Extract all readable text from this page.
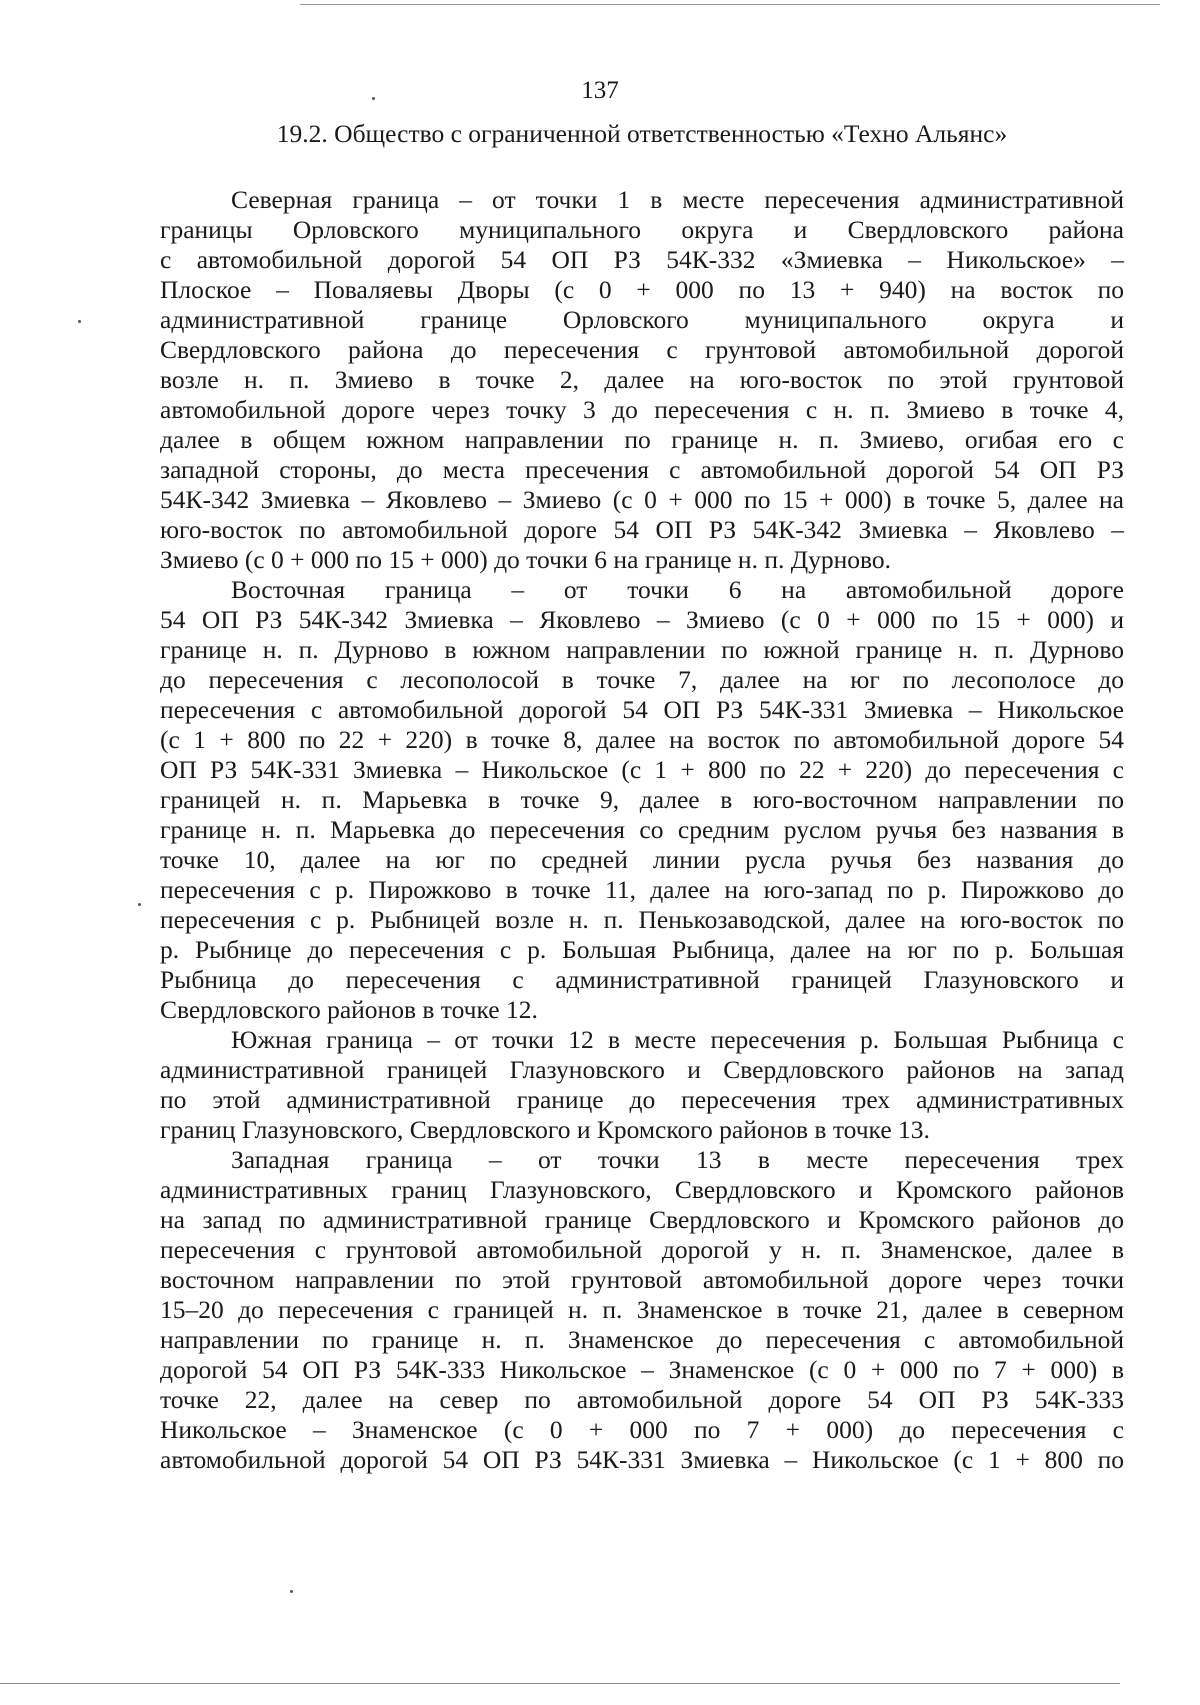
137
19.2. Общество с ограниченной ответственностью «Техно Альянс»
Северная граница – от точки 1 в месте пересечения административной
границы Орловского муниципального округа и Свердловского района
с автомобильной дорогой 54 ОП РЗ 54К-332 «Змиевка – Никольское» –
Плоское – Поваляевы Дворы (с 0 + 000 по 13 + 940) на восток по
административной границе Орловского муниципального округа и
Свердловского района до пересечения с грунтовой автомобильной дорогой
возле н. п. Змиево в точке 2, далее на юго-восток по этой грунтовой
автомобильной дороге через точку 3 до пересечения с н. п. Змиево в точке 4,
далее в общем южном направлении по границе н. п. Змиево, огибая его с
западной стороны, до места пресечения с автомобильной дорогой 54 ОП РЗ
54К-342 Змиевка – Яковлево – Змиево (с 0 + 000 по 15 + 000) в точке 5, далее на
юго-восток по автомобильной дороге 54 ОП РЗ 54К-342 Змиевка – Яковлево –
Змиево (с 0 + 000 по 15 + 000) до точки 6 на границе н. п. Дурново.
Восточная граница – от точки 6 на автомобильной дороге
54 ОП РЗ 54К-342 Змиевка – Яковлево – Змиево (с 0 + 000 по 15 + 000) и
границе н. п. Дурново в южном направлении по южной границе н. п. Дурново
до пересечения с лесополосой в точке 7, далее на юг по лесополосе до
пересечения с автомобильной дорогой 54 ОП РЗ 54К-331 Змиевка – Никольское
(с 1 + 800 по 22 + 220) в точке 8, далее на восток по автомобильной дороге 54
ОП РЗ 54К-331 Змиевка – Никольское (с 1 + 800 по 22 + 220) до пересечения с
границей н. п. Марьевка в точке 9, далее в юго-восточном направлении по
границе н. п. Марьевка до пересечения со средним руслом ручья без названия в
точке 10, далее на юг по средней линии русла ручья без названия до
пересечения с р. Пирожково в точке 11, далее на юго-запад по р. Пирожково до
пересечения с р. Рыбницей возле н. п. Пенькозаводской, далее на юго-восток по
р. Рыбнице до пересечения с р. Большая Рыбница, далее на юг по р. Большая
Рыбница до пересечения с административной границей Глазуновского и
Свердловского районов в точке 12.
Южная граница – от точки 12 в месте пересечения р. Большая Рыбница с
административной границей Глазуновского и Свердловского районов на запад
по этой административной границе до пересечения трех административных
границ Глазуновского, Свердловского и Кромского районов в точке 13.
Западная граница – от точки 13 в месте пересечения трех
административных границ Глазуновского, Свердловского и Кромского районов
на запад по административной границе Свердловского и Кромского районов до
пересечения с грунтовой автомобильной дорогой у н. п. Знаменское, далее в
восточном направлении по этой грунтовой автомобильной дороге через точки
15–20 до пересечения с границей н. п. Знаменское в точке 21, далее в северном
направлении по границе н. п. Знаменское до пересечения с автомобильной
дорогой 54 ОП РЗ 54К-333 Никольское – Знаменское (с 0 + 000 по 7 + 000) в
точке 22, далее на север по автомобильной дороге 54 ОП РЗ 54К-333
Никольское – Знаменское (с 0 + 000 по 7 + 000) до пересечения с
автомобильной дорогой 54 ОП РЗ 54К-331 Змиевка – Никольское (с 1 + 800 по
